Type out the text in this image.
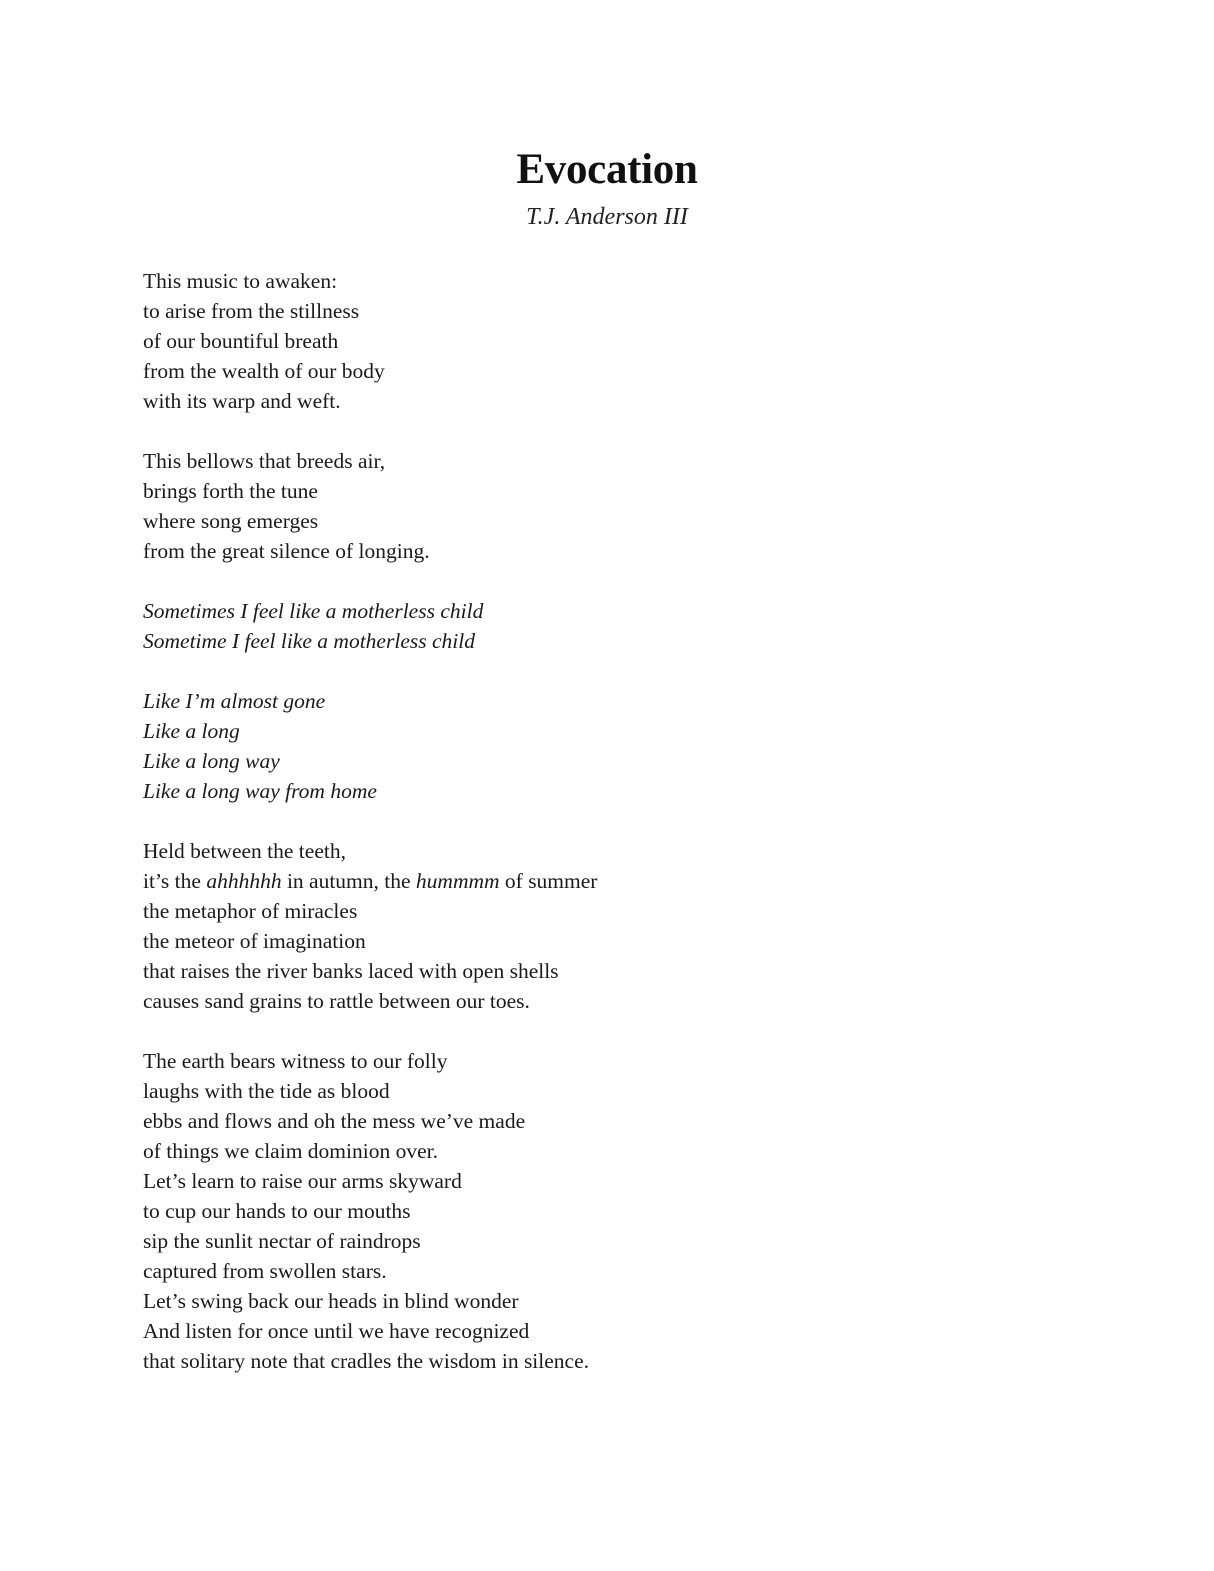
Evocation
T.J. Anderson III
This music to awaken:
to arise from the stillness
of our bountiful breath
from the wealth of our body
with its warp and weft.
This bellows that breeds air,
brings forth the tune
where song emerges
from the great silence of longing.
Sometimes I feel like a motherless child
Sometime I feel like a motherless child
Like I’m almost gone
Like a long
Like a long way
Like a long way from home
Held between the teeth,
it’s the ahhhhhh in autumn, the hummmm of summer
the metaphor of miracles
the meteor of imagination
that raises the river banks laced with open shells
causes sand grains to rattle between our toes.
The earth bears witness to our folly
laughs with the tide as blood
ebbs and flows and oh the mess we’ve made
of things we claim dominion over.
Let’s learn to raise our arms skyward
to cup our hands to our mouths
sip the sunlit nectar of raindrops
captured from swollen stars.
Let’s swing back our heads in blind wonder
And listen for once until we have recognized
that solitary note that cradles the wisdom in silence.
